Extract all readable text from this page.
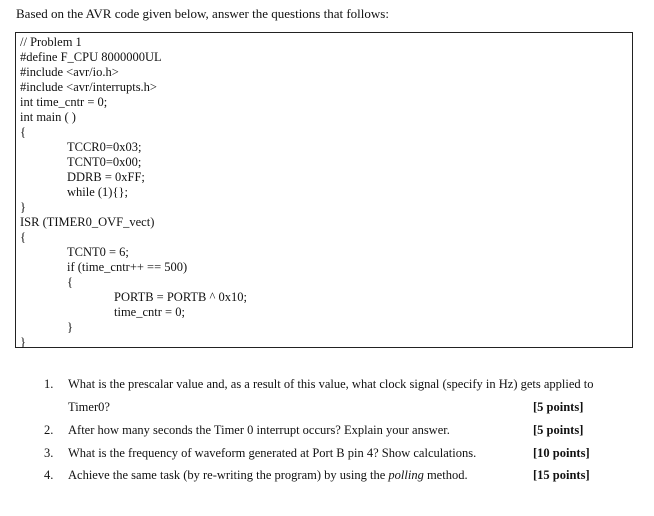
Based on the AVR code given below, answer the questions that follows:
// Problem 1
#define F_CPU 8000000UL
#include <avr/io.h>
#include <avr/interrupts.h>
int time_cntr = 0;
int main ( )
{
TCCR0=0x03;
TCNT0=0x00;
DDRB = 0xFF;
while (1){};
}
ISR (TIMER0_OVF_vect)
{
TCNT0 = 6;
if (time_cntr++ == 500)
{
PORTB = PORTB ^ 0x10;
time_cntr = 0;
}
}
1. What is the prescalar value and, as a result of this value, what clock signal (specify in Hz) gets applied to
Timer0?	[5 points]
2. After how many seconds the Timer 0 interrupt occurs? Explain your answer.	[5 points]
3. What is the frequency of waveform generated at Port B pin 4? Show calculations.	[10 points]
4. Achieve the same task (by re-writing the program) by using the polling method.	[15 points]
